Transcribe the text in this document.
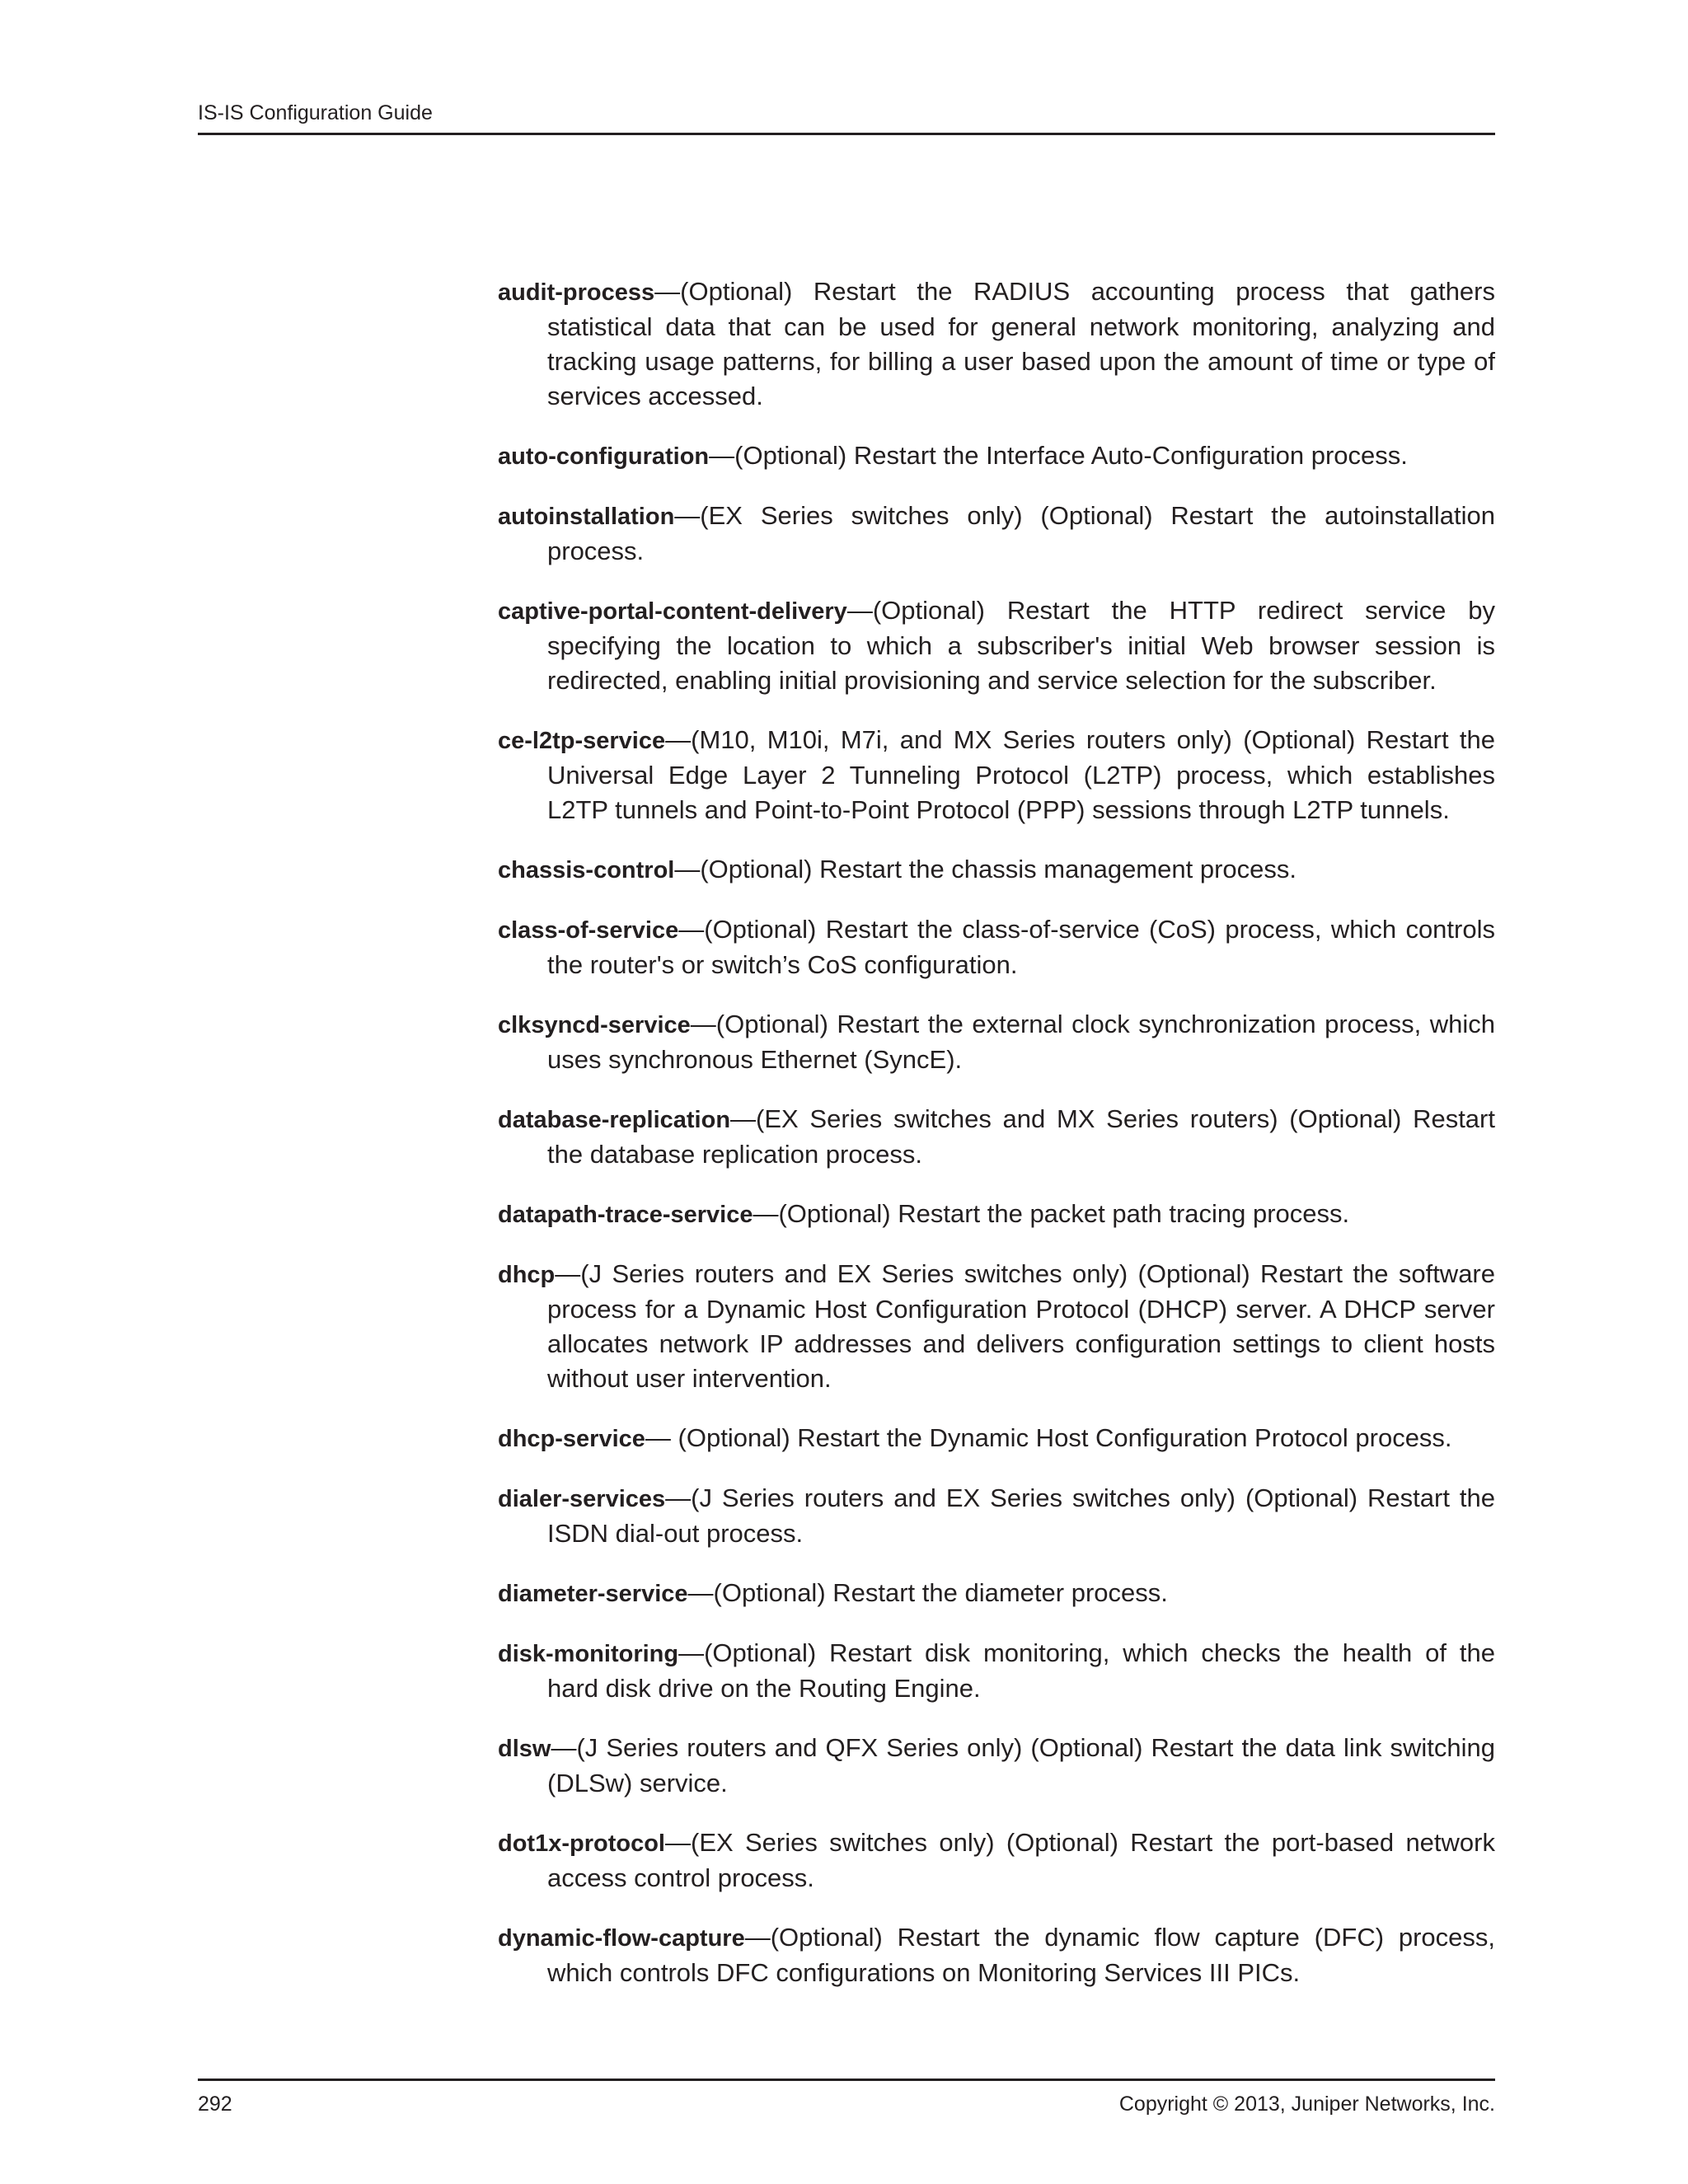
IS-IS Configuration Guide

audit-process—(Optional) Restart the RADIUS accounting process that gathers statistical data that can be used for general network monitoring, analyzing and tracking usage patterns, for billing a user based upon the amount of time or type of services accessed.

auto-configuration—(Optional) Restart the Interface Auto-Configuration process.

autoinstallation—(EX Series switches only) (Optional) Restart the autoinstallation process.

captive-portal-content-delivery—(Optional) Restart the HTTP redirect service by specifying the location to which a subscriber's initial Web browser session is redirected, enabling initial provisioning and service selection for the subscriber.

ce-l2tp-service—(M10, M10i, M7i, and MX Series routers only) (Optional) Restart the Universal Edge Layer 2 Tunneling Protocol (L2TP) process, which establishes L2TP tunnels and Point-to-Point Protocol (PPP) sessions through L2TP tunnels.

chassis-control—(Optional) Restart the chassis management process.

class-of-service—(Optional) Restart the class-of-service (CoS) process, which controls the router's or switch’s CoS configuration.

clksyncd-service—(Optional) Restart the external clock synchronization process, which uses synchronous Ethernet (SyncE).

database-replication—(EX Series switches and MX Series routers) (Optional) Restart the database replication process.

datapath-trace-service—(Optional) Restart the packet path tracing process.

dhcp—(J Series routers and EX Series switches only) (Optional) Restart the software process for a Dynamic Host Configuration Protocol (DHCP) server. A DHCP server allocates network IP addresses and delivers configuration settings to client hosts without user intervention.

dhcp-service— (Optional) Restart the Dynamic Host Configuration Protocol process.

dialer-services—(J Series routers and EX Series switches only) (Optional) Restart the ISDN dial-out process.

diameter-service—(Optional) Restart the diameter process.

disk-monitoring—(Optional) Restart disk monitoring, which checks the health of the hard disk drive on the Routing Engine.

dlsw—(J Series routers and QFX Series only) (Optional) Restart the data link switching (DLSw) service.

dot1x-protocol—(EX Series switches only) (Optional) Restart the port-based network access control process.

dynamic-flow-capture—(Optional) Restart the dynamic flow capture (DFC) process, which controls DFC configurations on Monitoring Services III PICs.

292	Copyright © 2013, Juniper Networks, Inc.
